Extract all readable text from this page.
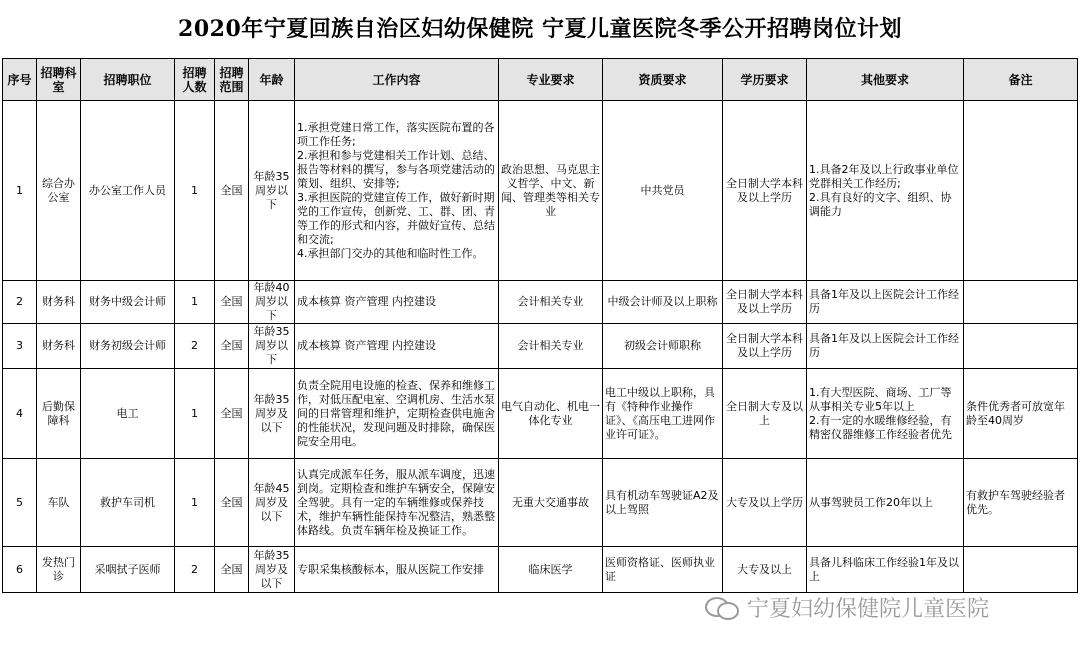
2020年宁夏回族自治区妇幼保健院 宁夏儿童医院冬季公开招聘岗位计划
序号	招聘科室	招聘职位	招聘人数	招聘范围	年龄	工作内容	专业要求	资质要求	学历要求	其他要求	备注
1	综合办公室	办公室工作人员	1	全国	年龄35周岁以下	1.承担党建日常工作，落实医院布置的各项工作任务;
2.承担和参与党建相关工作计划、总结、报告等材料的撰写，参与各项党建活动的策划、组织、安排等;
3.承担医院的党建宣传工作，做好新时期党的工作宣传，创新党、工、群、团、青等工作的形式和内容，并做好宣传、总结和交流;
4.承担部门交办的其他和临时性工作。	政治思想、马克思主义哲学、中文、新闻、管理类等相关专业	中共党员	全日制大学本科及以上学历	1.具备2年及以上行政事业单位党群相关工作经历;
2.具有良好的文字、组织、协调能力	
2	财务科	财务中级会计师	1	全国	年龄40周岁以下	成本核算 资产管理 内控建设	会计相关专业	中级会计师及以上职称	全日制大学本科及以上学历	具备1年及以上医院会计工作经历	
3	财务科	财务初级会计师	2	全国	年龄35周岁以下	成本核算 资产管理 内控建设	会计相关专业	初级会计师职称	全日制大学本科及以上学历	具备1年及以上医院会计工作经历	
4	后勤保障科	电工	1	全国	年龄35周岁及以下	负责全院用电设施的检查、保养和维修工作，对低压配电室、空调机房、生活水泵间的日常管理和维护，定期检查供电施舍的性能状况，发现问题及时排除，确保医院安全用电。	电气自动化、机电一体化专业	电工中级以上职称，具有《特种作业操作证》、《高压电工进网作业许可证》。	全日制大专及以上	1.有大型医院、商场、工厂等从事相关专业5年以上
2.有一定的水暖维修经验，有精密仪器维修工作经验者优先	条件优秀者可放宽年龄至40周岁
5	车队	救护车司机	1	全国	年龄45周岁及以下	认真完成派车任务，服从派车调度，迅速到岗。定期检查和维护车辆安全，保障安全驾驶。具有一定的车辆维修或保养技术，维护车辆性能保持车况整洁，熟悉整体路线。负责车辆年检及换证工作。	无重大交通事故	具有机动车驾驶证A2及以上驾照	大专及以上学历	从事驾驶员工作20年以上	有救护车驾驶经验者优先。
6	发热门诊	采咽拭子医师	2	全国	年龄35周岁及以下	专职采集核酸标本，服从医院工作安排	临床医学	医师资格证、医师执业证	大专及以上	具备儿科临床工作经验1年及以上	
宁夏妇幼保健院儿童医院
